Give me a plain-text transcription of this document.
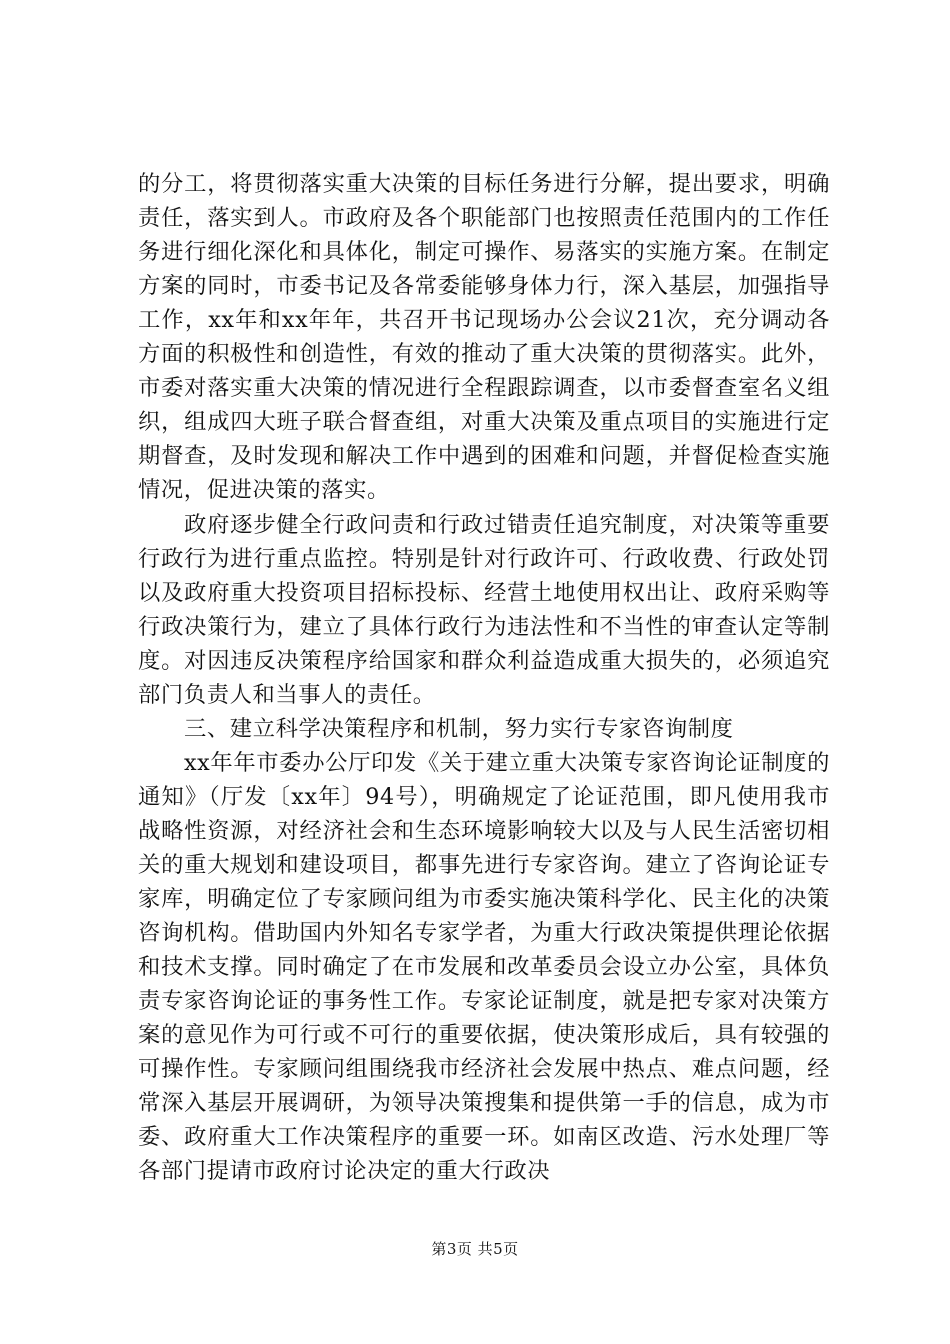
的分工，将贯彻落实重大决策的目标任务进行分解，提出要求，明确责任，落实到人。市政府及各个职能部门也按照责任范围内的工作任务进行细化深化和具体化，制定可操作、易落实的实施方案。在制定方案的同时，市委书记及各常委能够身体力行，深入基层，加强指导工作，xx年和xx年年，共召开书记现场办公会议21次，充分调动各方面的积极性和创造性，有效的推动了重大决策的贯彻落实。此外，市委对落实重大决策的情况进行全程跟踪调查，以市委督查室名义组织，组成四大班子联合督查组，对重大决策及重点项目的实施进行定期督查，及时发现和解决工作中遇到的困难和问题，并督促检查实施情况，促进决策的落实。

政府逐步健全行政问责和行政过错责任追究制度，对决策等重要行政行为进行重点监控。特别是针对行政许可、行政收费、行政处罚以及政府重大投资项目招标投标、经营土地使用权出让、政府采购等行政决策行为，建立了具体行政行为违法性和不当性的审查认定等制度。对因违反决策程序给国家和群众利益造成重大损失的，必须追究部门负责人和当事人的责任。

三、建立科学决策程序和机制，努力实行专家咨询制度

xx年年市委办公厅印发《关于建立重大决策专家咨询论证制度的通知》（厅发〔xx年〕94号），明确规定了论证范围，即凡使用我市战略性资源，对经济社会和生态环境影响较大以及与人民生活密切相关的重大规划和建设项目，都事先进行专家咨询。建立了咨询论证专家库，明确定位了专家顾问组为市委实施决策科学化、民主化的决策咨询机构。借助国内外知名专家学者，为重大行政决策提供理论依据和技术支撑。同时确定了在市发展和改革委员会设立办公室，具体负责专家咨询论证的事务性工作。专家论证制度，就是把专家对决策方案的意见作为可行或不可行的重要依据，使决策形成后，具有较强的可操作性。专家顾问组围绕我市经济社会发展中热点、难点问题，经常深入基层开展调研，为领导决策搜集和提供第一手的信息，成为市委、政府重大工作决策程序的重要一环。如南区改造、污水处理厂等各部门提请市政府讨论决定的重大行政决

第3页 共5页
